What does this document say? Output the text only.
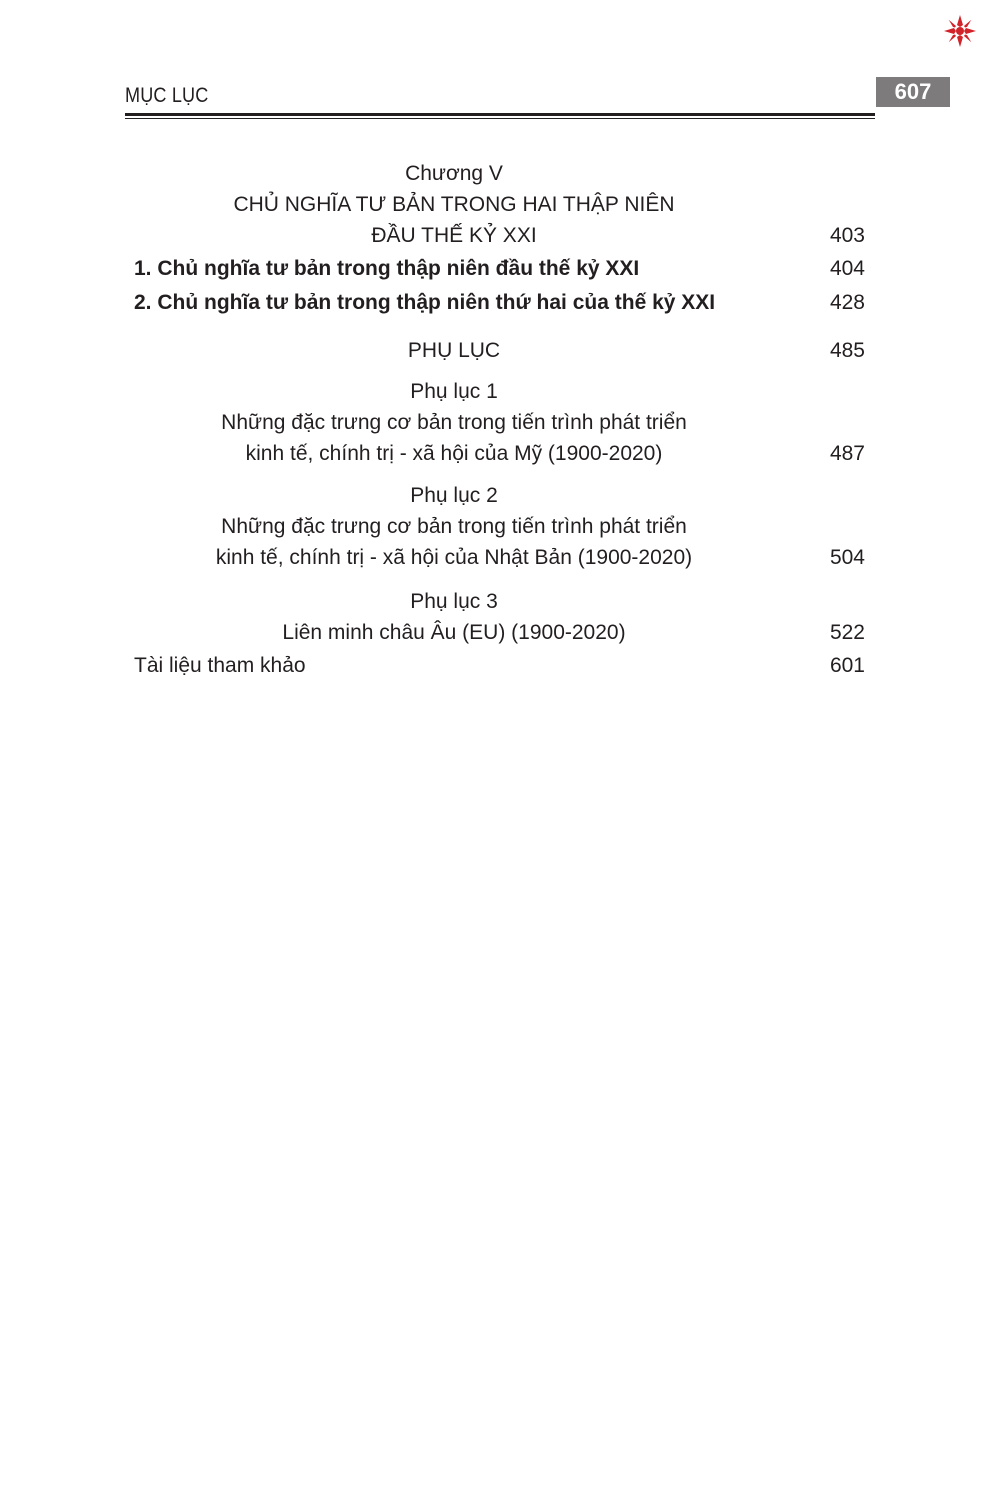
MỤC LỤC	607
Chương V
CHỦ NGHĨA TƯ BẢN TRONG HAI THẬP NIÊN
ĐẦU THẾ KỶ XXI	403
1. Chủ nghĩa tư bản trong thập niên đầu thế kỷ XXI	404
2. Chủ nghĩa tư bản trong thập niên thứ hai của thế kỷ XXI	428
PHỤ LỤC	485
Phụ lục 1
Những đặc trưng cơ bản trong tiến trình phát triển
kinh tế, chính trị - xã hội của Mỹ (1900-2020)	487
Phụ lục 2
Những đặc trưng cơ bản trong tiến trình phát triển
kinh tế, chính trị - xã hội của Nhật Bản (1900-2020)	504
Phụ lục 3
Liên minh châu Âu (EU) (1900-2020)	522
Tài liệu tham khảo	601
